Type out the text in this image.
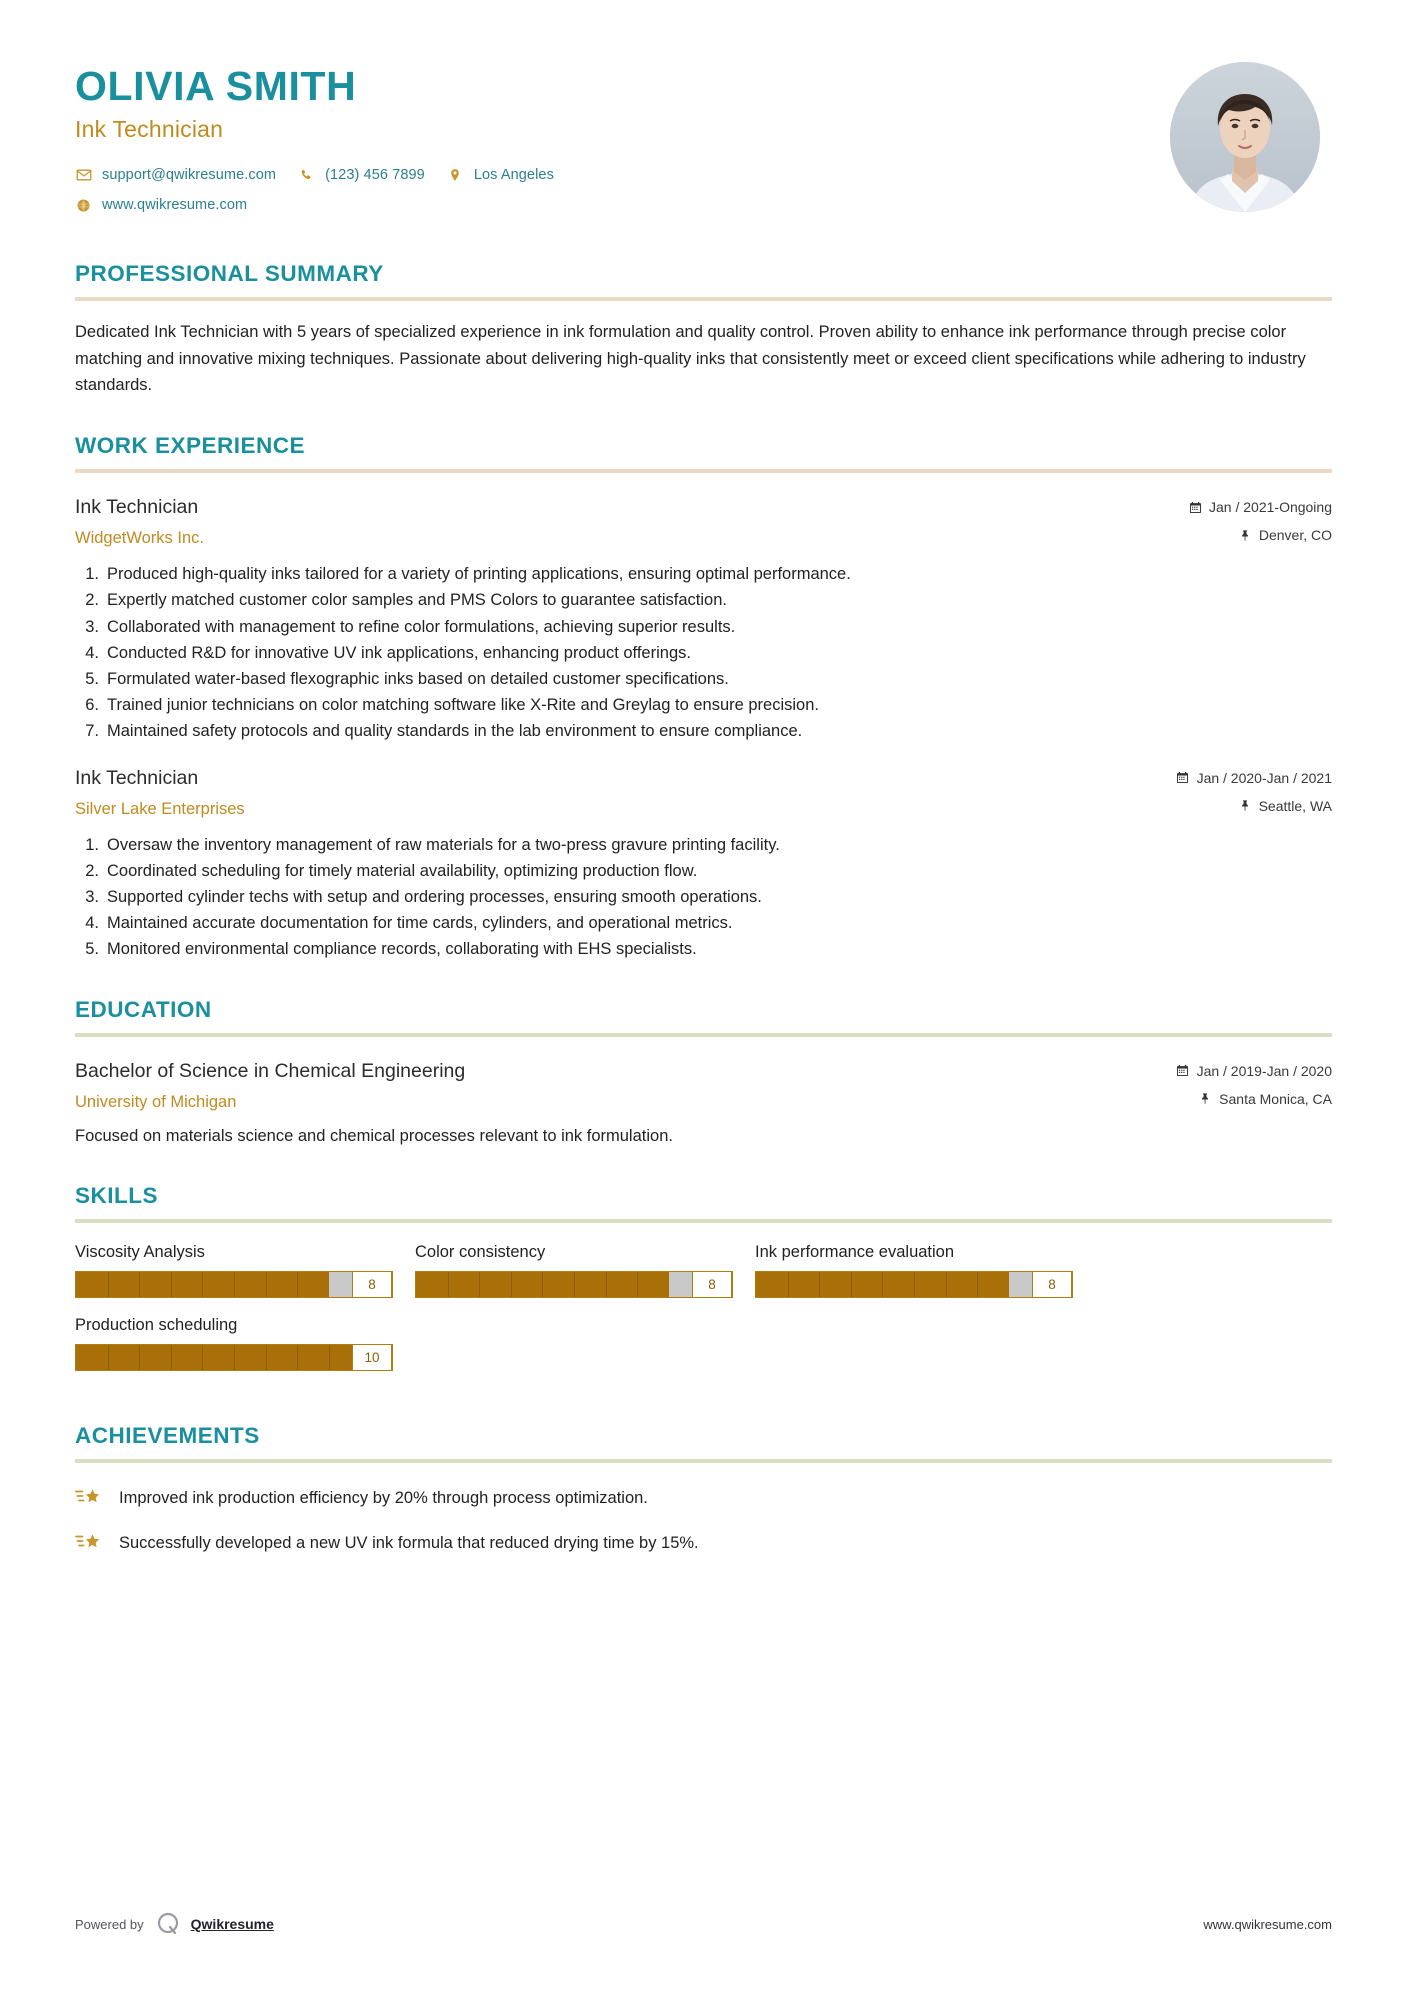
OLIVIA SMITH
Ink Technician
support@qwikresume.com	(123) 456 7899	Los Angeles
www.qwikresume.com
PROFESSIONAL SUMMARY
Dedicated Ink Technician with 5 years of specialized experience in ink formulation and quality control. Proven ability to enhance ink performance through precise color matching and innovative mixing techniques. Passionate about delivering high-quality inks that consistently meet or exceed client specifications while adhering to industry standards.
WORK EXPERIENCE
Ink Technician
WidgetWorks Inc.
Jan / 2021-Ongoing
Denver, CO
1. Produced high-quality inks tailored for a variety of printing applications, ensuring optimal performance.
2. Expertly matched customer color samples and PMS Colors to guarantee satisfaction.
3. Collaborated with management to refine color formulations, achieving superior results.
4. Conducted R&D for innovative UV ink applications, enhancing product offerings.
5. Formulated water-based flexographic inks based on detailed customer specifications.
6. Trained junior technicians on color matching software like X-Rite and Greylag to ensure precision.
7. Maintained safety protocols and quality standards in the lab environment to ensure compliance.
Ink Technician
Silver Lake Enterprises
Jan / 2020-Jan / 2021
Seattle, WA
1. Oversaw the inventory management of raw materials for a two-press gravure printing facility.
2. Coordinated scheduling for timely material availability, optimizing production flow.
3. Supported cylinder techs with setup and ordering processes, ensuring smooth operations.
4. Maintained accurate documentation for time cards, cylinders, and operational metrics.
5. Monitored environmental compliance records, collaborating with EHS specialists.
EDUCATION
Bachelor of Science in Chemical Engineering
University of Michigan
Jan / 2019-Jan / 2020
Santa Monica, CA
Focused on materials science and chemical processes relevant to ink formulation.
SKILLS
Viscosity Analysis
8
Color consistency
8
Ink performance evaluation
8
Production scheduling
10
ACHIEVEMENTS
Improved ink production efficiency by 20% through process optimization.
Successfully developed a new UV ink formula that reduced drying time by 15%.
Powered by	Qwikresume	www.qwikresume.com
